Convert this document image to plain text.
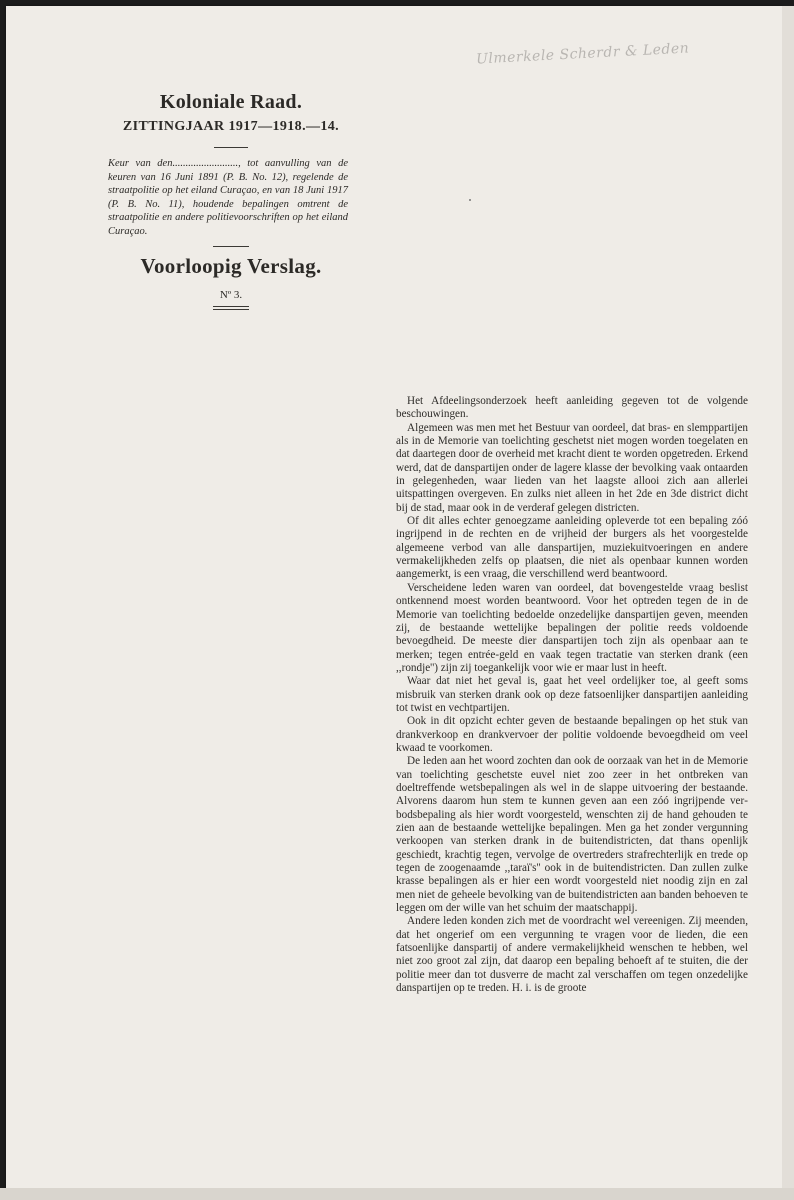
Ulmerkele Scherdr & Leden
Koloniale Raad.
ZITTINGJAAR 1917—1918.—14.
Keur van den........................., tot aanvulling van de keuren van 16 Juni 1891 (P. B. No. 12), regelende de straatpolitie op het eiland Curaçao, en van 18 Juni 1917 (P. B. No. 11), houdende bepalingen omtrent de straatpolitie en andere politievoorschriften op het eiland Curaçao.
Voorloopig Verslag.
Nº 3.

Het Afdeelingsonderzoek heeft aanleiding gegeven tot de volgende beschouwingen.

Algemeen was men met het Bestuur van oordeel, dat bras- en slemppartijen als in de Memorie van toelichting geschetst niet mogen worden toegelaten en dat daartegen door de overheid met kracht dient te worden opgetreden. Erkend werd, dat de danspartijen onder de lagere klasse der bevolking vaak ontaarden in gelegenheden, waar lieden van het laagste allooi zich aan allerlei uitspattingen overgeven. En zulks niet alleen in het 2de en 3de district dicht bij de stad, maar ook in de verderaf gelegen districten.

Of dit alles echter genoegzame aanleiding opleverde tot een bepaling zóó ingrijpend in de rechten en de vrijheid der burgers als het voorgestelde algemeene verbod van alle danspartijen, muziekuitvoeringen en andere vermakelijkheden zelfs op plaatsen, die niet als openbaar kunnen worden aangemerkt, is een vraag, die verschillend werd beantwoord.

Verscheidene leden waren van oordeel, dat bovengestelde vraag beslist ontkennend moest worden beantwoord. Voor het optreden tegen de in de Memorie van toelichting bedoelde onzedelijke danspartijen geven, meenden zij, de bestaande wettelijke bepalingen der politie reeds voldoende bevoegdheid. De meeste dier danspartijen toch zijn als openbaar aan te merken; tegen entrée-geld en vaak tegen tractatie van sterken drank (een ,,rondje'') zijn zij toegankelijk voor wie er maar lust in heeft.

Waar dat niet het geval is, gaat het veel ordelijker toe, al geeft soms misbruik van sterken drank ook op deze fatsoenlijker danspartijen aanleiding tot twist en vechtpartijen.

Ook in dit opzicht echter geven de bestaande bepalingen op het stuk van drankverkoop en drankvervoer der politie voldoende bevoegdheid om veel kwaad te voorkomen.

De leden aan het woord zochten dan ook de oorzaak van het in de Memorie van toelichting geschetste euvel niet zoo zeer in het ontbreken van doeltreffende wetsbepalingen als wel in de slappe uitvoering der bestaande. Alvorens daarom hun stem te kunnen geven aan een zóó ingrijpende verbodsbepaling als hier wordt voorgesteld, wenschten zij de hand gehouden te zien aan de bestaande wettelijke bepalingen. Men ga het zonder vergunning verkoopen van sterken drank in de buitendistricten, dat thans openlijk geschiedt, krachtig tegen, vervolge de overtreders strafrechterlijk en trede op tegen de zoogenaamde ,,taraï's'' ook in de buitendistricten. Dan zullen zulke krasse bepalingen als er hier een wordt voorgesteld niet noodig zijn en zal men niet de geheele bevolking van de buitendistricten aan banden behoeven te leggen om der wille van het schuim der maatschappij.

Andere leden konden zich met de voordracht wel vereenigen. Zij meenden, dat het ongerief om een vergunning te vragen voor de lieden, die een fatsoenlijke danspartij of andere vermakelijkheid wenschen te hebben, wel niet zoo groot zal zijn, dat daarop een bepaling behoeft af te stuiten, die der politie meer dan tot dusverre de macht zal verschaffen om tegen onzedelijke danspartijen op te treden. H. i. is de groote
